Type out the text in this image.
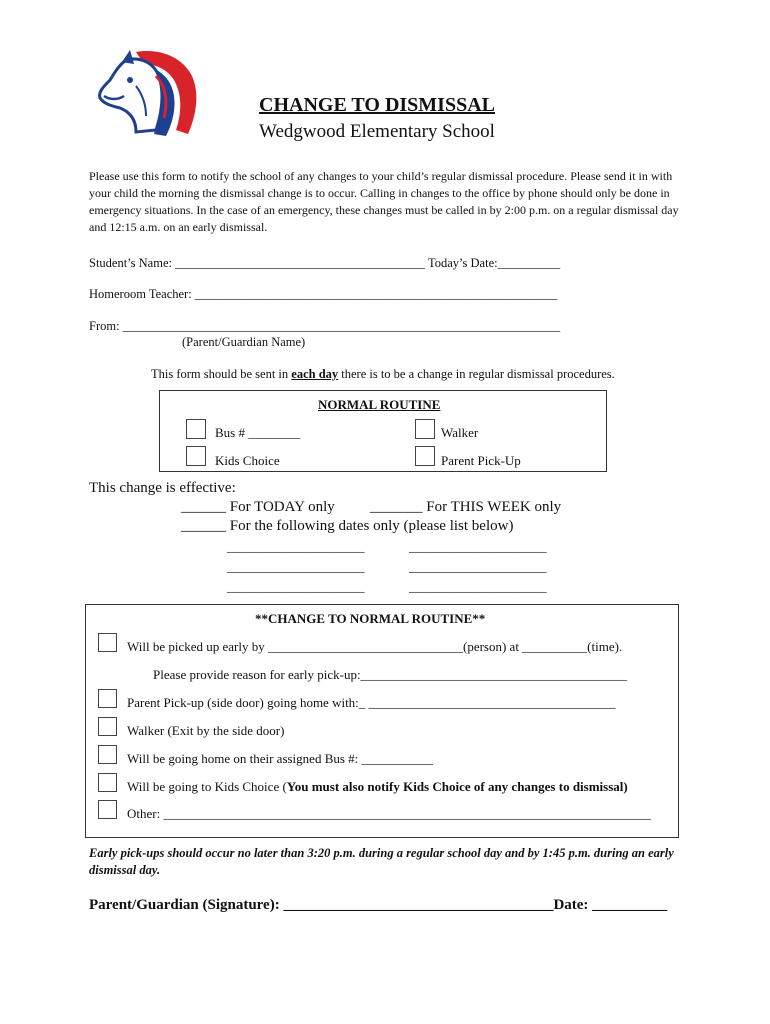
CHANGE TO DISMISSAL
Wedgwood Elementary School
Please use this form to notify the school of any changes to your child’s regular dismissal procedure. Please send it in with your child the morning the dismissal change is to occur. Calling in changes to the office by phone should only be done in emergency situations. In the case of an emergency, these changes must be called in by 2:00 p.m. on a regular dismissal day and 12:15 a.m. on an early dismissal.
Student’s Name: ________________________________________ Today’s Date:__________
Homeroom Teacher: __________________________________________________________
From: ______________________________________________________________________
(Parent/Guardian Name)
This form should be sent in each day there is to be a change in regular dismissal procedures.
NORMAL ROUTINE
Bus # ________	Walker
Kids Choice	Parent Pick-Up
This change is effective:
______ For TODAY only _______ For THIS WEEK only
______ For the following dates only (please list below)
______________________	______________________
______________________	______________________
______________________	______________________
**CHANGE TO NORMAL ROUTINE**
Will be picked up early by ______________________________(person) at __________(time).
Please provide reason for early pick-up:_________________________________________
Parent Pick-up (side door) going home with:_ ______________________________________
Walker (Exit by the side door)
Will be going home on their assigned Bus #: ___________
Will be going to Kids Choice (You must also notify Kids Choice of any changes to dismissal)
Other: ___________________________________________________________________________
Early pick-ups should occur no later than 3:20 p.m. during a regular school day and by 1:45 p.m. during an early dismissal day.
Parent/Guardian (Signature): ____________________________________Date: __________
